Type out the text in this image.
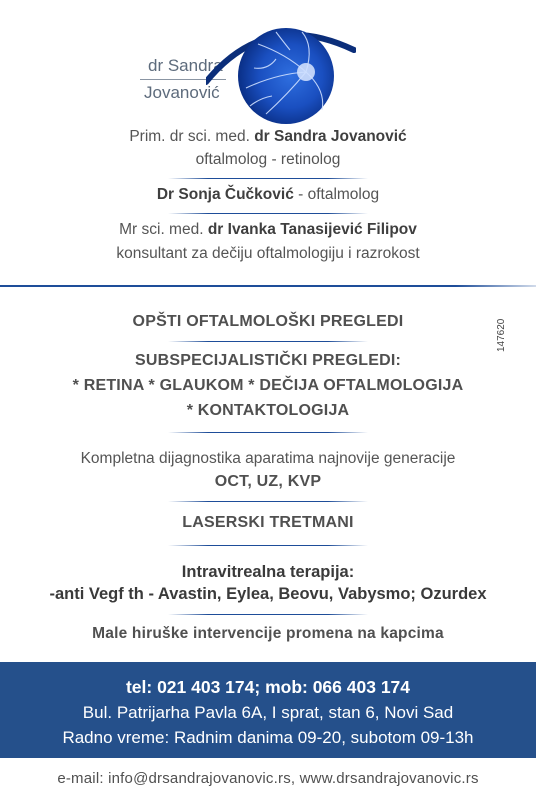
dr Sandra
Jovanović
Prim. dr sci. med. dr Sandra Jovanović
oftalmolog - retinolog
Dr Sonja Čučković - oftalmolog
Mr sci. med. dr Ivanka Tanasijević Filipov
konsultant za dečiju oftalmologiju i razrokost
147620
OPŠTI OFTALMOLOŠKI PREGLEDI
SUBSPECIJALISTIČKI PREGLEDI:
* RETINA * GLAUKOM * DEČIJA OFTALMOLOGIJA
* KONTAKTOLOGIJA
Kompletna dijagnostika aparatima najnovije generacije
OCT, UZ, KVP
LASERSKI TRETMANI
Intravitrealna terapija:
-anti Vegf th - Avastin, Eylea, Beovu, Vabysmo; Ozurdex
Male hiruške intervencije promena na kapcima
tel: 021 403 174; mob: 066 403 174
Bul. Patrijarha Pavla 6A, I sprat, stan 6, Novi Sad
Radno vreme: Radnim danima 09-20, subotom 09-13h
e-mail: info@drsandrajovanovic.rs, www.drsandrajovanovic.rs
